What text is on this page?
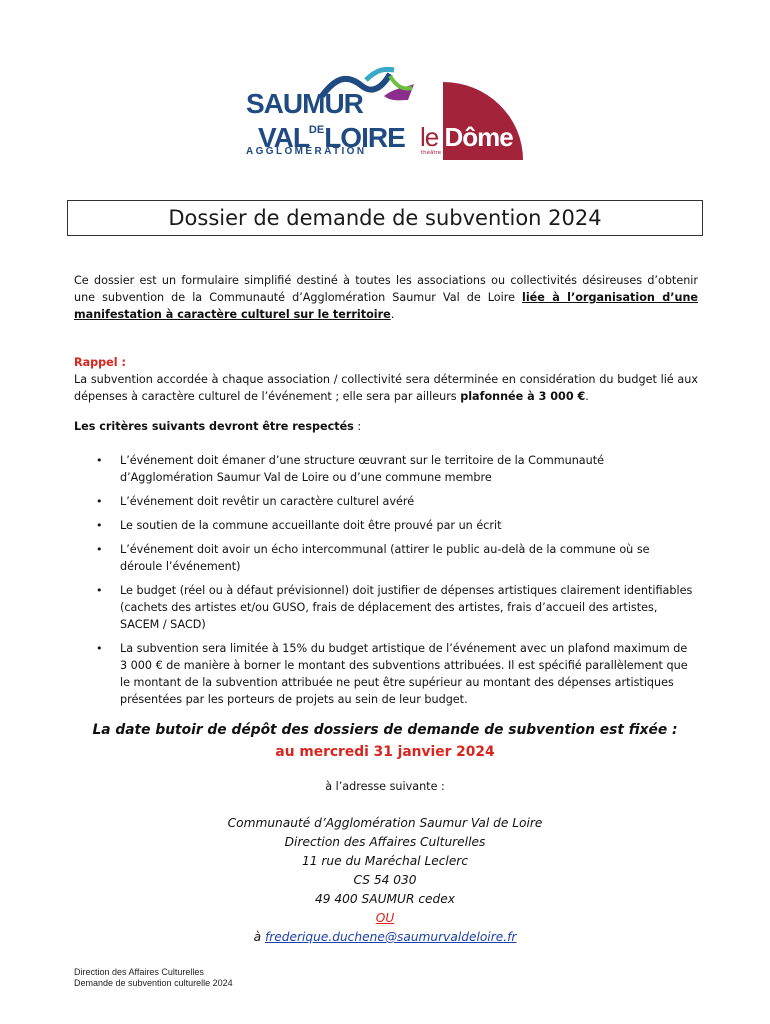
SAUMUR
$VAL^{DE}LOIRE$
AGGLOMÉRATION le Dôme
théâtre · lieu culturel et artistique
Dossier de demande de subvention 2024
Ce dossier est un formulaire simplifié destiné à toutes les associations ou collectivités désireuses d’obtenir une subvention de la Communauté d’Agglomération Saumur Val de Loire liée à l’organisation d’une manifestation à caractère culturel sur le territoire.
Rappel :
La subvention accordée à chaque association / collectivité sera déterminée en considération du budget lié aux dépenses à caractère culturel de l’événement ; elle sera par ailleurs plafonnée à 3 000 €.
Les critères suivants devront être respectés :
• L’événement doit émaner d’une structure œuvrant sur le territoire de la Communauté d’Agglomération Saumur Val de Loire ou d’une commune membre
• L’événement doit revêtir un caractère culturel avéré
• Le soutien de la commune accueillante doit être prouvé par un écrit
• L’événement doit avoir un écho intercommunal (attirer le public au-delà de la commune où se déroule l’événement)
• Le budget (réel ou à défaut prévisionnel) doit justifier de dépenses artistiques clairement identifiables (cachets des artistes et/ou GUSO, frais de déplacement des artistes, frais d’accueil des artistes, SACEM / SACD)
• La subvention sera limitée à 15% du budget artistique de l’événement avec un plafond maximum de 3 000 € de manière à borner le montant des subventions attribuées. Il est spécifié parallèlement que le montant de la subvention attribuée ne peut être supérieur au montant des dépenses artistiques présentées par les porteurs de projets au sein de leur budget.
La date butoir de dépôt des dossiers de demande de subvention est fixée :
au mercredi 31 janvier 2024
à l’adresse suivante :
Communauté d’Agglomération Saumur Val de Loire
Direction des Affaires Culturelles
11 rue du Maréchal Leclerc
CS 54 030
49 400 SAUMUR cedex
OU
à frederique.duchene@saumurvaldeloire.fr
Direction des Affaires Culturelles
Demande de subvention culturelle 2024
